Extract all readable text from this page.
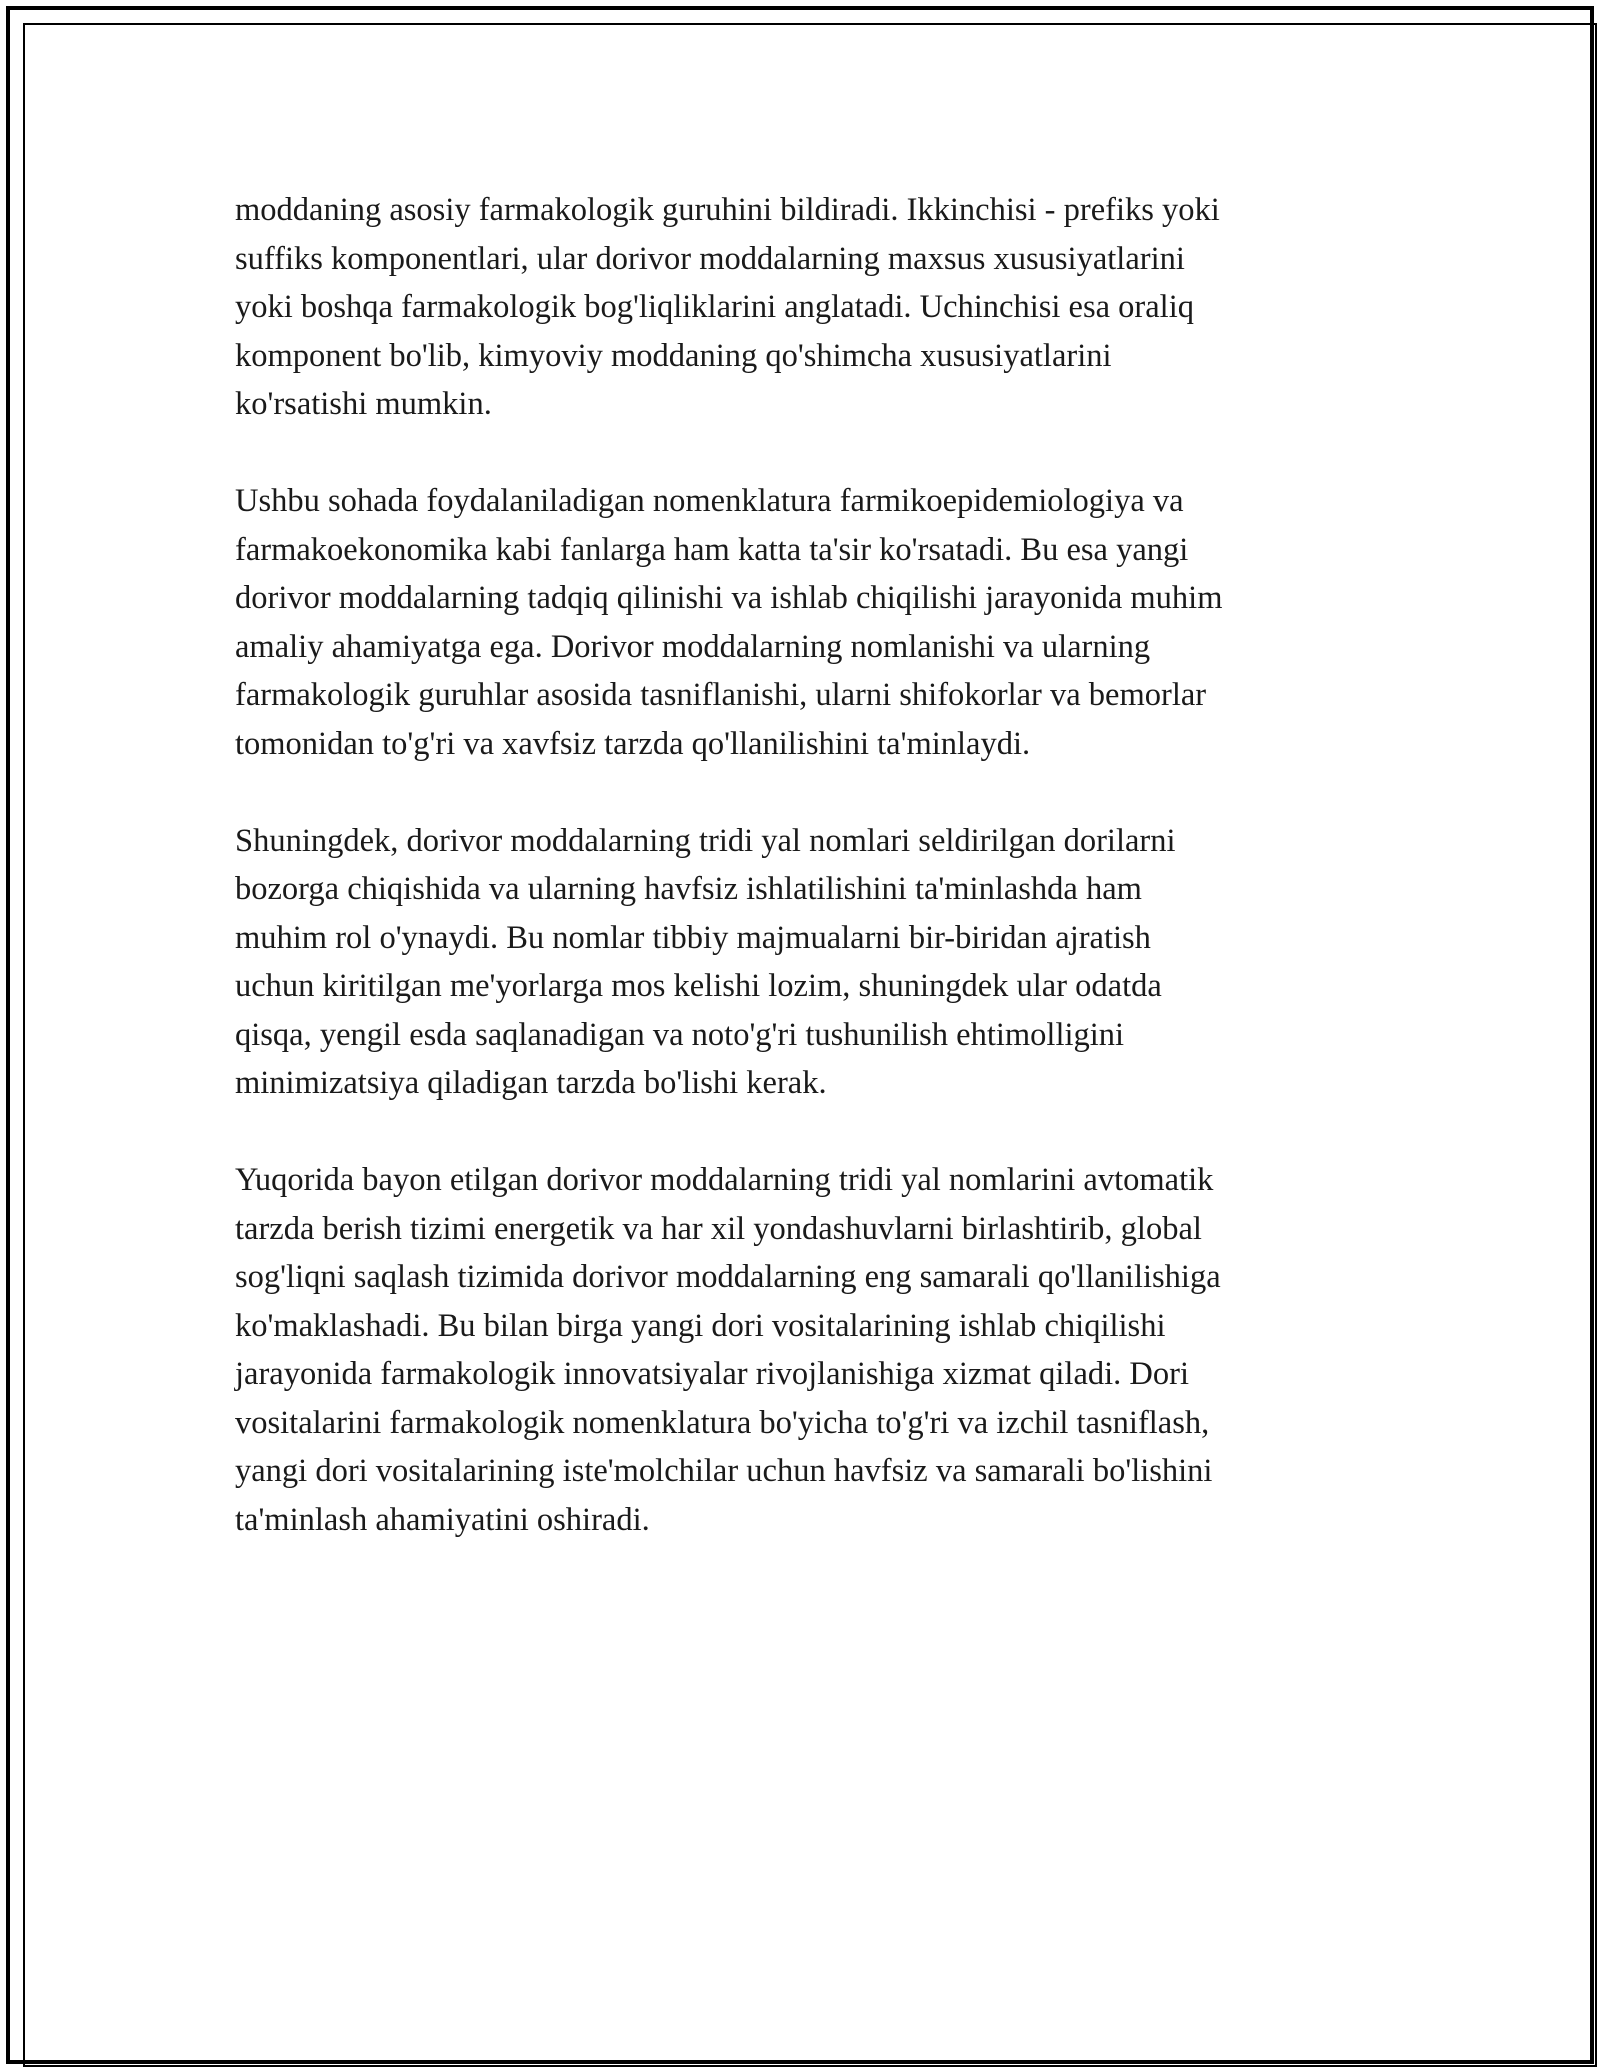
moddaning asosiy farmakologik guruhini bildiradi. Ikkinchisi - prefiks yoki
suffiks komponentlari, ular dorivor moddalarning maxsus xususiyatlarini
yoki boshqa farmakologik bog'liqliklarini anglatadi. Uchinchisi esa oraliq
komponent bo'lib, kimyoviy moddaning qo'shimcha xususiyatlarini
ko'rsatishi mumkin.

Ushbu sohada foydalaniladigan nomenklatura farmikoepidemiologiya va
farmakoekonomika kabi fanlarga ham katta ta'sir ko'rsatadi. Bu esa yangi
dorivor moddalarning tadqiq qilinishi va ishlab chiqilishi jarayonida muhim
amaliy ahamiyatga ega. Dorivor moddalarning nomlanishi va ularning
farmakologik guruhlar asosida tasniflanishi, ularni shifokorlar va bemorlar
tomonidan to'g'ri va xavfsiz tarzda qo'llanilishini ta'minlaydi.

Shuningdek, dorivor moddalarning tridi yal nomlari seldirilgan dorilarni
bozorga chiqishida va ularning havfsiz ishlatilishini ta'minlashda ham
muhim rol o'ynaydi. Bu nomlar tibbiy majmualarni bir-biridan ajratish
uchun kiritilgan me'yorlarga mos kelishi lozim, shuningdek ular odatda
qisqa, yengil esda saqlanadigan va noto'g'ri tushunilish ehtimolligini
minimizatsiya qiladigan tarzda bo'lishi kerak.

Yuqorida bayon etilgan dorivor moddalarning tridi yal nomlarini avtomatik
tarzda berish tizimi energetik va har xil yondashuvlarni birlashtirib, global
sog'liqni saqlash tizimida dorivor moddalarning eng samarali qo'llanilishiga
ko'maklashadi. Bu bilan birga yangi dori vositalarining ishlab chiqilishi
jarayonida farmakologik innovatsiyalar rivojlanishiga xizmat qiladi. Dori
vositalarini farmakologik nomenklatura bo'yicha to'g'ri va izchil tasniflash,
yangi dori vositalarining iste'molchilar uchun havfsiz va samarali bo'lishini
ta'minlash ahamiyatini oshiradi.
